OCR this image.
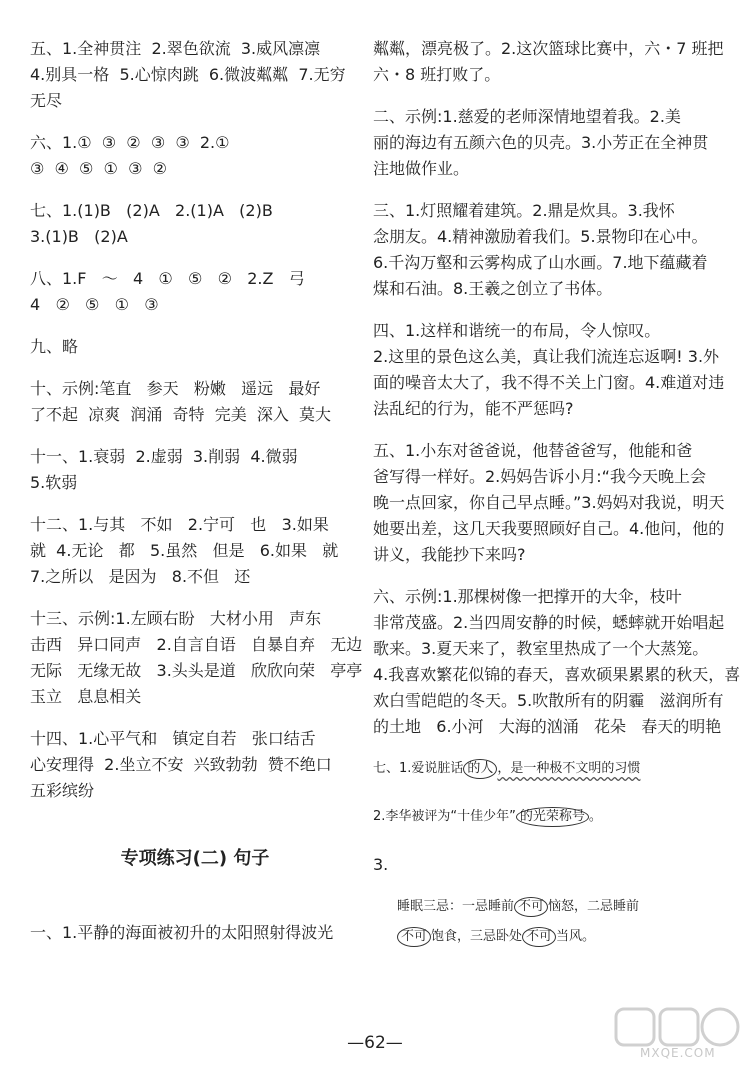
五、1.全神贯注  2.翠色欲流  3.威风凛凛
4.别具一格  5.心惊肉跳  6.微波粼粼  7.无穷
无尽
六、1.①  ③  ②  ③  ③  2.①
③  ④  ⑤  ①  ③  ②
七、1.(1)B   (2)A   2.(1)A   (2)B
3.(1)B   (2)A
八、1.F   ～   4   ①   ⑤   ②   2.Z   弓
4   ②   ⑤   ①   ③
九、略
十、示例:笔直   参天   粉嫩   遥远   最好
了不起  凉爽  润涌  奇特  完美  深入  莫大
十一、1.衰弱  2.虚弱  3.削弱  4.微弱
5.软弱
十二、1.与其   不如   2.宁可   也   3.如果
就  4.无论   都   5.虽然   但是   6.如果   就
7.之所以   是因为   8.不但   还
十三、示例:1.左顾右盼   大材小用   声东
击西   异口同声   2.自言自语   自暴自弃   无边
无际   无缘无故   3.头头是道   欣欣向荣   亭亭
玉立   息息相关
十四、1.心平气和   镇定自若   张口结舌
心安理得  2.坐立不安  兴致勃勃  赞不绝口
五彩缤纷
专项练习(二) 句子
一、1.平静的海面被初升的太阳照射得波光
粼粼，漂亮极了。2.这次篮球比赛中，六・7 班把
六・8 班打败了。
二、示例:1.慈爱的老师深情地望着我。2.美
丽的海边有五颜六色的贝壳。3.小芳正在全神贯
注地做作业。
三、1.灯照耀着建筑。2.鼎是炊具。3.我怀
念朋友。4.精神激励着我们。5.景物印在心中。
6.千沟万壑和云雾构成了山水画。7.地下蕴藏着
煤和石油。8.王羲之创立了书体。
四、1.这样和谐统一的布局，令人惊叹。
2.这里的景色这么美，真让我们流连忘返啊! 3.外
面的噪音太大了，我不得不关上门窗。4.难道对违
法乱纪的行为，能不严惩吗?
五、1.小东对爸爸说，他替爸爸写，他能和爸
爸写得一样好。2.妈妈告诉小月:“我今天晚上会
晚一点回家，你自己早点睡。”3.妈妈对我说，明天
她要出差，这几天我要照顾好自己。4.他问，他的
讲义，我能抄下来吗?
六、示例:1.那棵树像一把撑开的大伞，枝叶
非常茂盛。2.当四周安静的时候，蟋蟀就开始唱起
歌来。3.夏天来了，教室里热成了一个大蒸笼。
4.我喜欢繁花似锦的春天，喜欢硕果累累的秋天，喜
欢白雪皑皑的冬天。5.吹散所有的阴霾   滋润所有
的土地   6.小河   大海的汹涌   花朵   春天的明艳
七、1.爱说脏话 的人 ，是一种极不文明的习惯
2.李华被评为“十佳少年” 的光荣称号 。
3.
睡眠三忌：一忌睡前 不可 恼怒，二忌睡前
不可 饱食，三忌卧处 不可 当风。
—62—	MXQE.COM
